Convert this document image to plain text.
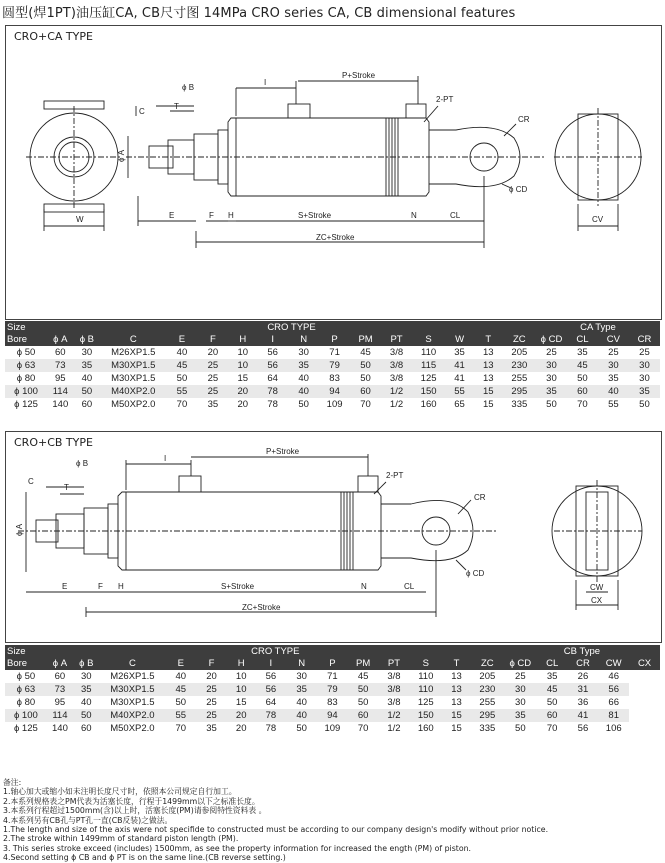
圆型(焊1PT)油压缸CA, CB尺寸图 14MPa CRO series CA, CB dimensional features
CRO+CA TYPE
W
I
P+Stroke
2-PT
ϕ B
T
C
CR
ϕ A
ϕ CD
E	F H	S+Stroke	N	CL
ZC+Stroke
CV
Size	CRO TYPE															CA Type			
Bore	ϕ A	ϕ B	C	E	F	H	I	N	P	PM	PT	S	W	T	ZC	ϕ CD	CL	CV	CR
ϕ 50	60	30	M26XP1.5	40	20	10	56	30	71	45	3/8	110	35	13	205	25	35	25	25
ϕ 63	73	35	M30XP1.5	45	25	10	56	35	79	50	3/8	115	41	13	230	30	45	30	30
ϕ 80	95	40	M30XP1.5	50	25	15	64	40	83	50	3/8	125	41	13	255	30	50	35	30
ϕ 100	114	50	M40XP2.0	55	25	20	78	40	94	60	1/2	150	55	15	295	35	60	40	35
ϕ 125	140	60	M50XP2.0	70	35	20	78	50	109	70	1/2	160	65	15	335	50	70	55	50
CRO+CB TYPE
I
P+Stroke
2-PT
ϕ B
T
C
CR
ϕ A
ϕ CD
E	F H	S+Stroke	N	CL
ZC+Stroke
CW
CX
Size	CRO TYPE														CB Type				
Bore	ϕ A	ϕ B	C	E	F	H	I	N	P	PM	PT	S	T	ZC	ϕ CD	CL	CR	CW	CX
ϕ 50	60	30	M26XP1.5	40	20	10	56	30	71	45	3/8	110	13	205	25	35	26	46	
ϕ 63	73	35	M30XP1.5	45	25	10	56	35	79	50	3/8	110	13	230	30	45	31	56	
ϕ 80	95	40	M30XP1.5	50	25	15	64	40	83	50	3/8	125	13	255	30	50	36	66	
ϕ 100	114	50	M40XP2.0	55	25	20	78	40	94	60	1/2	150	15	295	35	60	41	81	
ϕ 125	140	60	M50XP2.0	70	35	20	78	50	109	70	1/2	160	15	335	50	70	56	106	
备注:
1.轴心加大或缩小如未注明长度尺寸时，依照本公司规定自行加工。
2.本系列规格表之PM代表为活塞长度，行程于1499mm以下之标准长度。
3.本系列行程超过1500mm(含)以上时，活塞长度(PM)请参阅特性资料表 。
4.本系列另有CB孔与PT孔一直(CB反装)之做法。
1.The length and size of the axis were not specifide to constructed must be according to our company design's modify without prior notice.
2.The stroke within 1499mm of standard piston length (PM).
3. This series stroke exceed (includes) 1500mm, as see the property information for increased the ength (PM) of piston.
4.Second setting ϕ CB and ϕ PT is on the same line.(CB reverse setting.)
